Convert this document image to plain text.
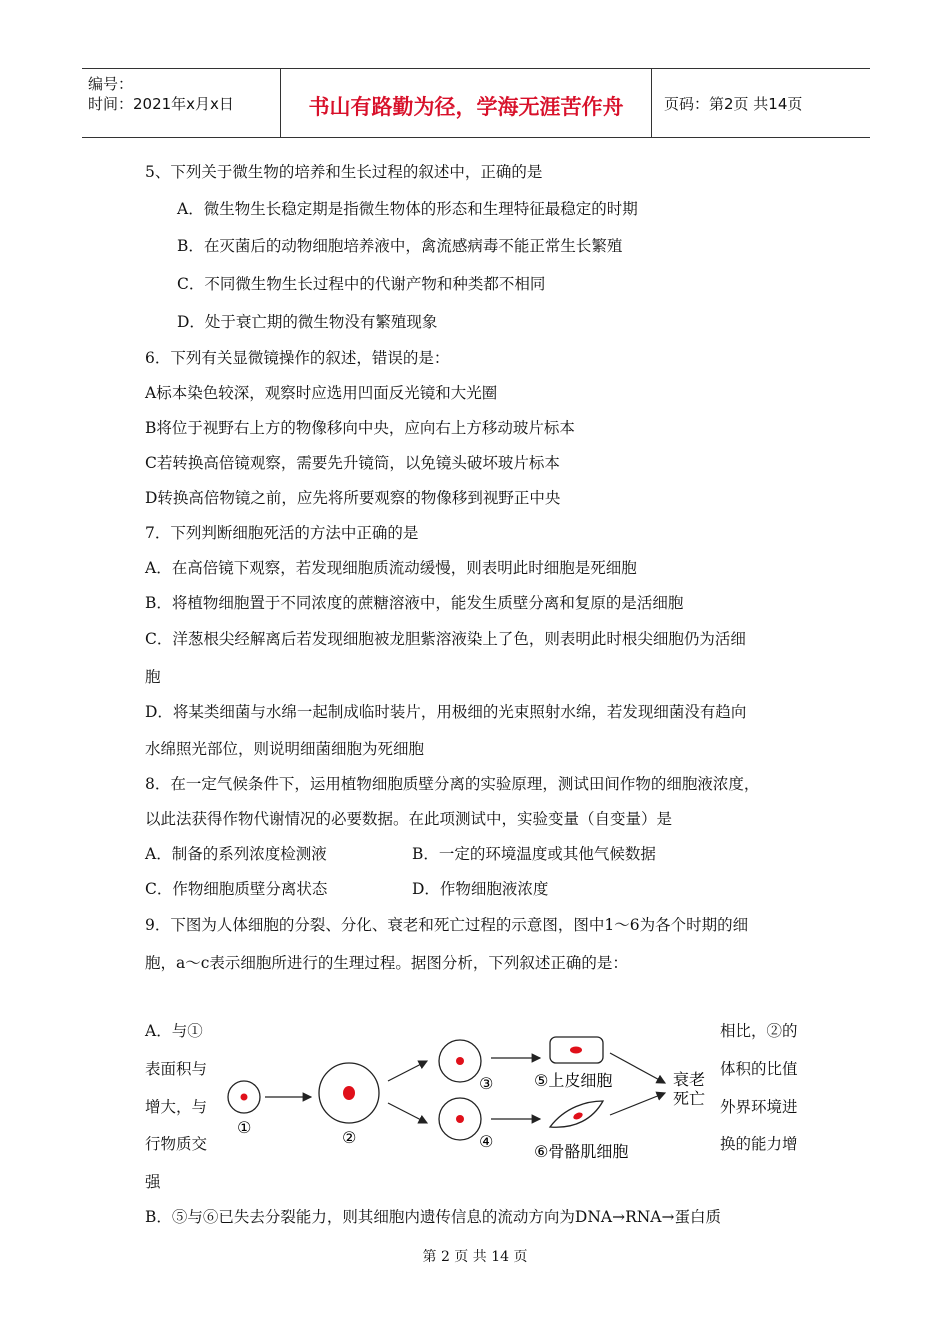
编号：
时间：2021年x月x日	书山有路勤为径，学海无涯苦作舟	页码：第2页 共14页
5、下列关于微生物的培养和生长过程的叙述中，正确的是
A．微生物生长稳定期是指微生物体的形态和生理特征最稳定的时期
B．在灭菌后的动物细胞培养液中，禽流感病毒不能正常生长繁殖
C．不同微生物生长过程中的代谢产物和种类都不相同
D．处于衰亡期的微生物没有繁殖现象
6．下列有关显微镜操作的叙述，错误的是：
A标本染色较深，观察时应选用凹面反光镜和大光圈
B将位于视野右上方的物像移向中央，应向右上方移动玻片标本
C若转换高倍镜观察，需要先升镜筒，以免镜头破坏玻片标本
D转换高倍物镜之前，应先将所要观察的物像移到视野正中央
7．下列判断细胞死活的方法中正确的是
A．在高倍镜下观察，若发现细胞质流动缓慢，则表明此时细胞是死细胞
B．将植物细胞置于不同浓度的蔗糖溶液中，能发生质壁分离和复原的是活细胞
C．洋葱根尖经解离后若发现细胞被龙胆紫溶液染上了色，则表明此时根尖细胞仍为活细
胞
D．将某类细菌与水绵一起制成临时装片，用极细的光束照射水绵，若发现细菌没有趋向
水绵照光部位，则说明细菌细胞为死细胞
8．在一定气候条件下，运用植物细胞质壁分离的实验原理，测试田间作物的细胞液浓度，
以此法获得作物代谢情况的必要数据。在此项测试中，实验变量（自变量）是
A．制备的系列浓度检测液	B．一定的环境温度或其他气候数据
C．作物细胞质壁分离状态	D．作物细胞液浓度
9．下图为人体细胞的分裂、分化、衰老和死亡过程的示意图，图中1～6为各个时期的细
胞，a～c表示细胞所进行的生理过程。据图分析，下列叙述正确的是：
A．与①
表面积与
增大，与
行物质交
强
相比，②的
体积的比值
外界环境进
换的能力增
①
②
③
④
⑤上皮细胞
⑥骨骼肌细胞
衰老
死亡
B．⑤与⑥已失去分裂能力，则其细胞内遗传信息的流动方向为DNA→RNA→蛋白质
第 2 页 共 14 页
